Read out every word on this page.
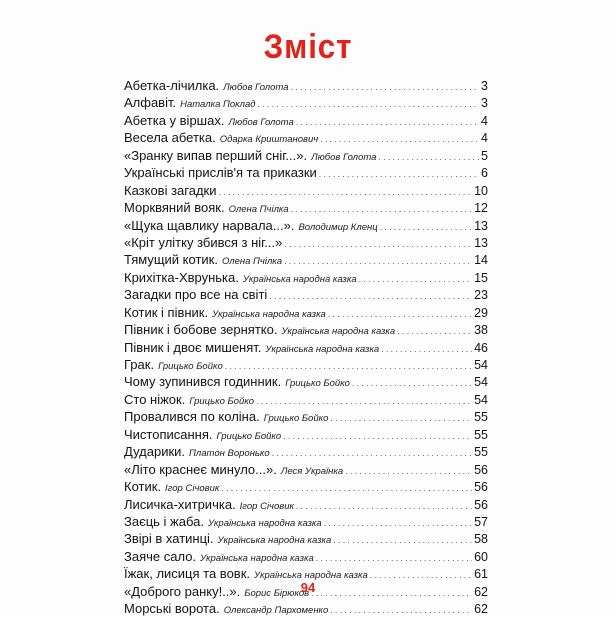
Зміст
Абетка-лічилка. Любов Голота .....	3
Алфавіт. Наталка Поклад .....	3
Абетка у віршах. Любов Голота .....	4
Весела абетка. Одарка Криштанович .....	4
«Зранку випав перший сніг...». Любов Голота .....	5
Українські прислів'я та приказки .....	6
Казкові загадки .....	10
Морквяний вояк. Олена Пчілка .....	12
«Щука щавлику нарвала...». Володимир Кленц .....	13
«Кріт улітку збився з ніг...» .....	13
Тямущий котик. Олена Пчілка .....	14
Крихітка-Хврунька. Українська народна казка .....	15
Загадки про все на світі .....	23
Котик і півник. Українська народна казка .....	29
Півник і бобове зернятко. Українська народна казка .....	38
Півник і двоє мишенят. Українська народна казка .....	46
Грак. Грицько Бойко .....	54
Чому зупинився годинник. Грицько Бойко .....	54
Сто ніжок. Грицько Бойко .....	54
Провалився по коліна. Грицько Бойко .....	55
Чистописання. Грицько Бойко .....	55
Дударики. Платон Воронько .....	55
«Літо краснеє минуло...». Леся Українка .....	56
Котик. Ігор Січовик .....	56
Лисичка-хитричка. Ігор Січовик .....	56
Заєць і жаба. Українська народна казка .....	57
Звірі в хатинці. Українська народна казка .....	58
Заяче сало. Українська народна казка .....	60
Їжак, лисиця та вовк. Українська народна казка .....	61
«Доброго ранку!..». Борис Бірюков .....	62
Морські ворота. Олександр Пархоменко .....	62
94
